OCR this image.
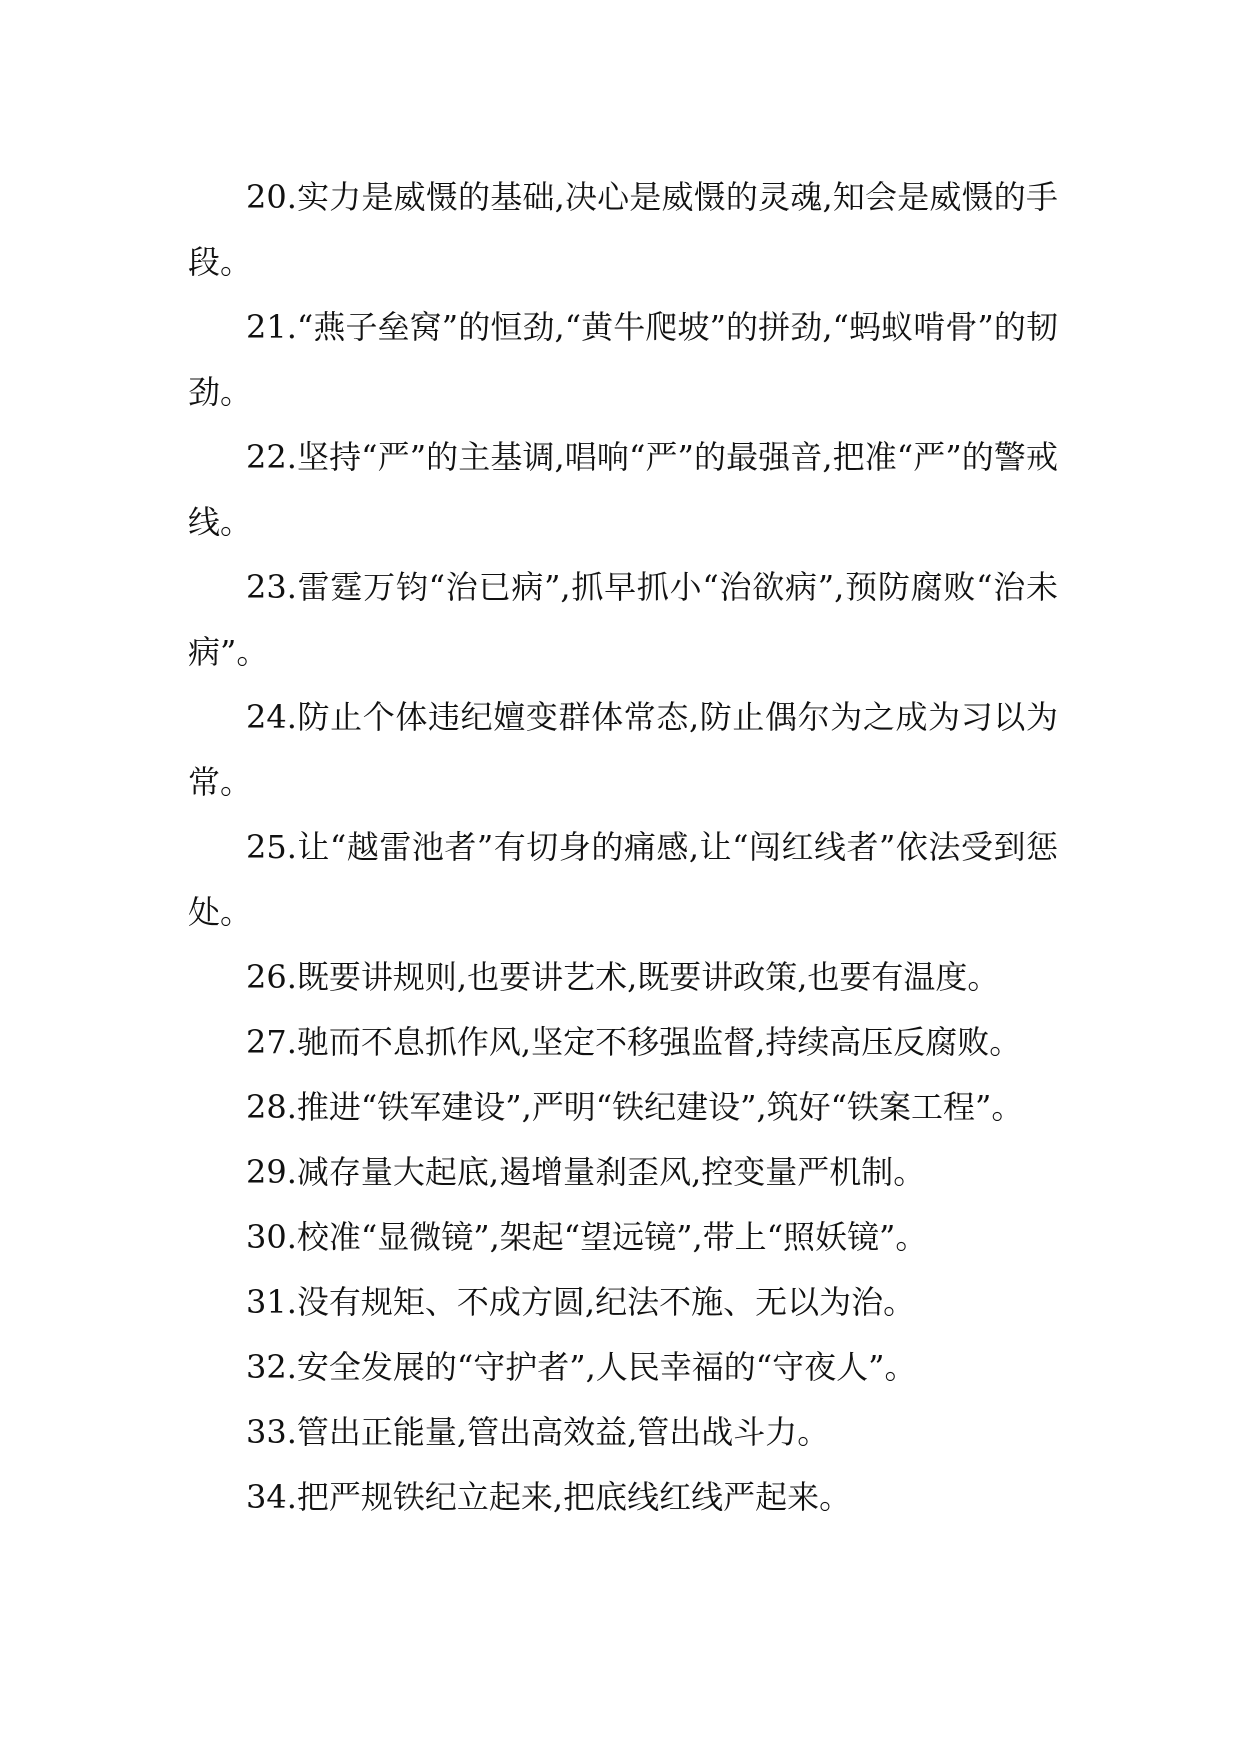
20.实力是威慑的基础,决心是威慑的灵魂,知会是威慑的手段。

21.“燕子垒窝”的恒劲,“黄牛爬坡”的拼劲,“蚂蚁啃骨”的韧劲。

22.坚持“严”的主基调,唱响“严”的最强音,把准“严”的警戒线。

23.雷霆万钧“治已病”,抓早抓小“治欲病”,预防腐败“治未病”。

24.防止个体违纪嬗变群体常态,防止偶尔为之成为习以为常。

25.让“越雷池者”有切身的痛感,让“闯红线者”依法受到惩处。

26.既要讲规则,也要讲艺术,既要讲政策,也要有温度。

27.驰而不息抓作风,坚定不移强监督,持续高压反腐败。

28.推进“铁军建设”,严明“铁纪建设”,筑好“铁案工程”。

29.减存量大起底,遏增量刹歪风,控变量严机制。

30.校准“显微镜”,架起“望远镜”,带上“照妖镜”。

31.没有规矩、不成方圆,纪法不施、无以为治。

32.安全发展的“守护者”,人民幸福的“守夜人”。

33.管出正能量,管出高效益,管出战斗力。

34.把严规铁纪立起来,把底线红线严起来。
